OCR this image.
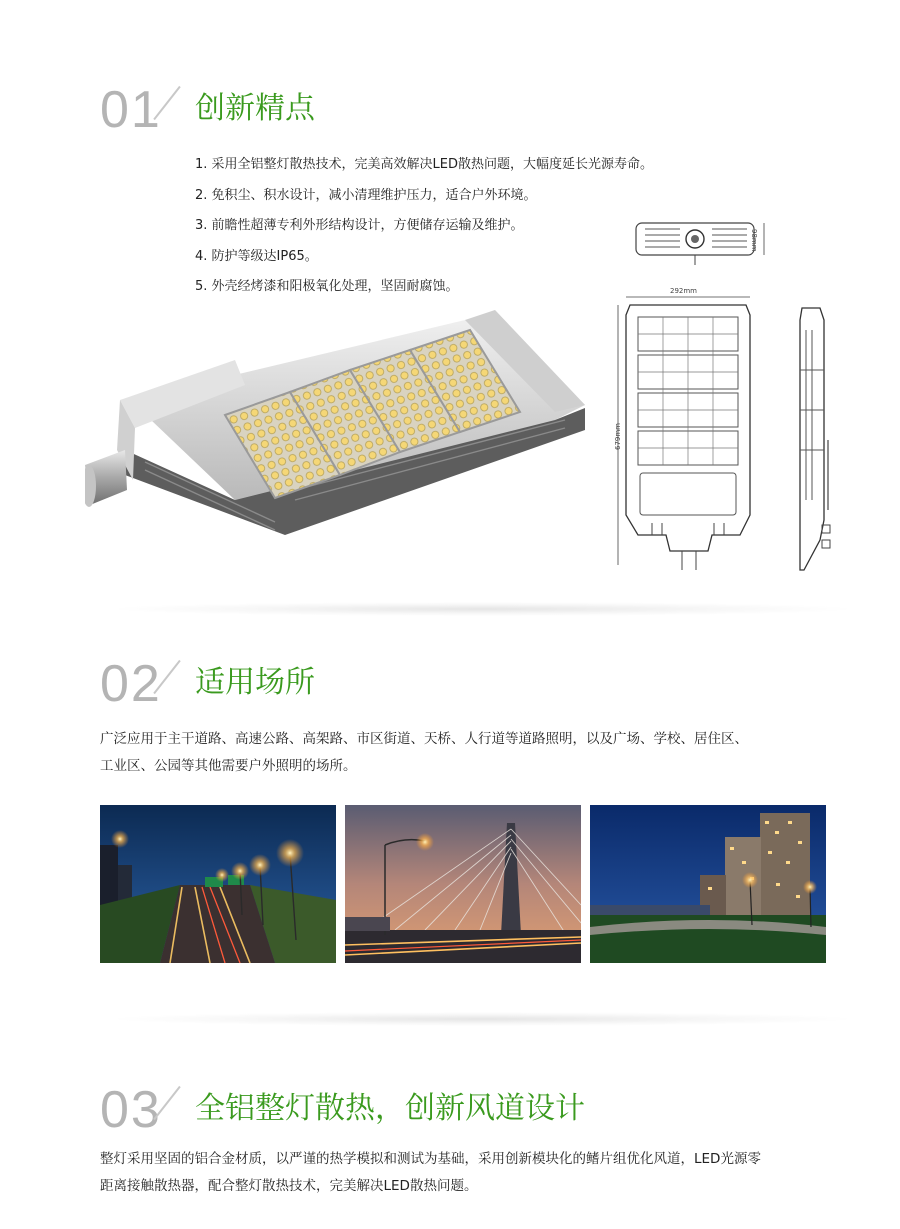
01 创新精点
1. 采用全铝整灯散热技术，完美高效解决LED散热问题，大幅度延长光源寿命。
2. 免积尘、积水设计，减小清理维护压力，适合户外环境。
3. 前瞻性超薄专利外形结构设计，方便储存运输及维护。
4. 防护等级达IP65。
5. 外壳经烤漆和阳极氧化处理，坚固耐腐蚀。
98mm
292mm
679mm
02 适用场所
广泛应用于主干道路、高速公路、高架路、市区街道、天桥、人行道等道路照明，以及广场、学校、居住区、
工业区、公园等其他需要户外照明的场所。
03 全铝整灯散热，创新风道设计
整灯采用坚固的铝合金材质，以严谨的热学模拟和测试为基础，采用创新模块化的鳍片组优化风道，LED光源零
距离接触散热器，配合整灯散热技术，完美解决LED散热问题。
